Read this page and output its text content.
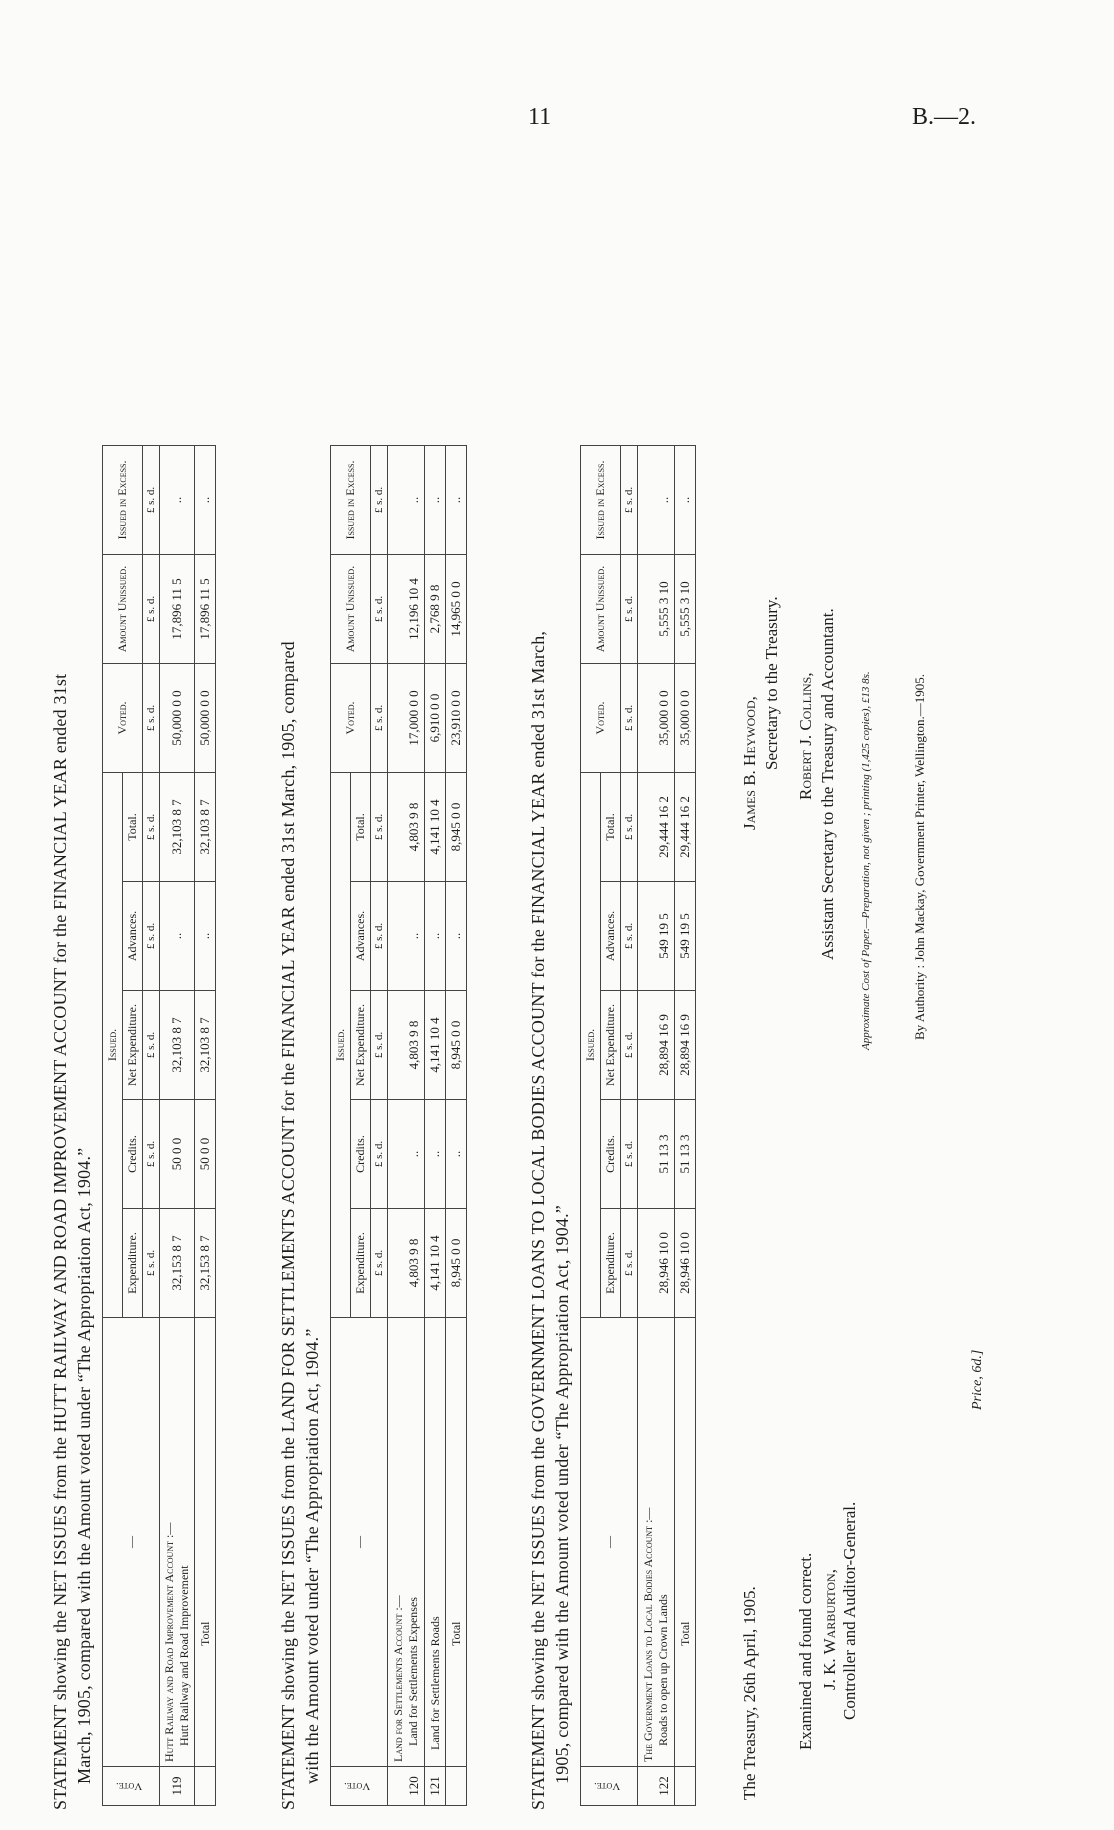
11	B.—2.

STATEMENT showing the NET ISSUES from the HUTT RAILWAY AND ROAD IMPROVEMENT ACCOUNT for the FINANCIAL YEAR ended 31st March, 1905, compared with the Amount voted under “The Appropriation Act, 1904.”

Vote.	—	Issued.					Voted.	Amount Unissued.	Issued in Excess.
		Expenditure.	Credits.	Net Expenditure.	Advances.	Total.			
		£ s. d.	£ s. d.	£ s. d.	£ s. d.	£ s. d.	£ s. d.	£ s. d.	£ s. d.
119	Hutt Railway and Road Improvement Account :— Hutt Railway and Road Improvement	32,153 8 7	50 0 0	32,103 8 7	..	32,103 8 7	50,000 0 0	17,896 11 5	..
	Total	32,153 8 7	50 0 0	32,103 8 7	..	32,103 8 7	50,000 0 0	17,896 11 5	..

STATEMENT showing the NET ISSUES from the LAND FOR SETTLEMENTS ACCOUNT for the FINANCIAL YEAR ended 31st March, 1905, compared with the Amount voted under “The Appropriation Act, 1904.”

Vote.	—	Issued.					Voted.	Amount Unissued.	Issued in Excess.
		Expenditure.	Credits.	Net Expenditure.	Advances.	Total.			
		£ s. d.	£ s. d.	£ s. d.	£ s. d.	£ s. d.	£ s. d.	£ s. d.	£ s. d.

120	Land for Settlements Account :— Land for Settlements Expenses	4,803 9 8	..	4,803 9 8	..	4,803 9 8	17,000 0 0	12,196 10 4	..
121	Land for Settlements Roads	4,141 10 4	..	4,141 10 4	..	4,141 10 4	6,910 0 0	2,768 9 8	..
	Total	8,945 0 0	..	8,945 0 0	..	8,945 0 0	23,910 0 0	14,965 0 0	..

STATEMENT showing the NET ISSUES from the GOVERNMENT LOANS TO LOCAL BODIES ACCOUNT for the FINANCIAL YEAR ended 31st March, 1905, compared with the Amount voted under “The Appropriation Act, 1904.”

Vote.	—	Issued.					Voted.	Amount Unissued.	Issued in Excess.
		Expenditure.	Credits.	Net Expenditure.	Advances.	Total.			
		£ s. d.	£ s. d.	£ s. d.	£ s. d.	£ s. d.	£ s. d.	£ s. d.	£ s. d.

122	The Government Loans to Local Bodies Account :— Roads to open up Crown Lands	28,946 10 0	51 13 3	28,894 16 9	549 19 5	29,444 16 2	35,000 0 0	5,555 3 10	..
	Total	28,946 10 0	51 13 3	28,894 16 9	549 19 5	29,444 16 2	35,000 0 0	5,555 3 10	..
The Treasury, 26th April, 1905. Examined and found correct. J. K. Warburton, Controller and Auditor-General.
James B. Heywood, Secretary to the Treasury. Robert J. Collins, Assistant Secretary to the Treasury and Accountant. Approximate Cost of Paper.—Preparation, not given ; printing (1,425 copies), £13 8s.	By Authority : John Mackay, Government Printer, Wellington.—1905.
Price, 6d.]
